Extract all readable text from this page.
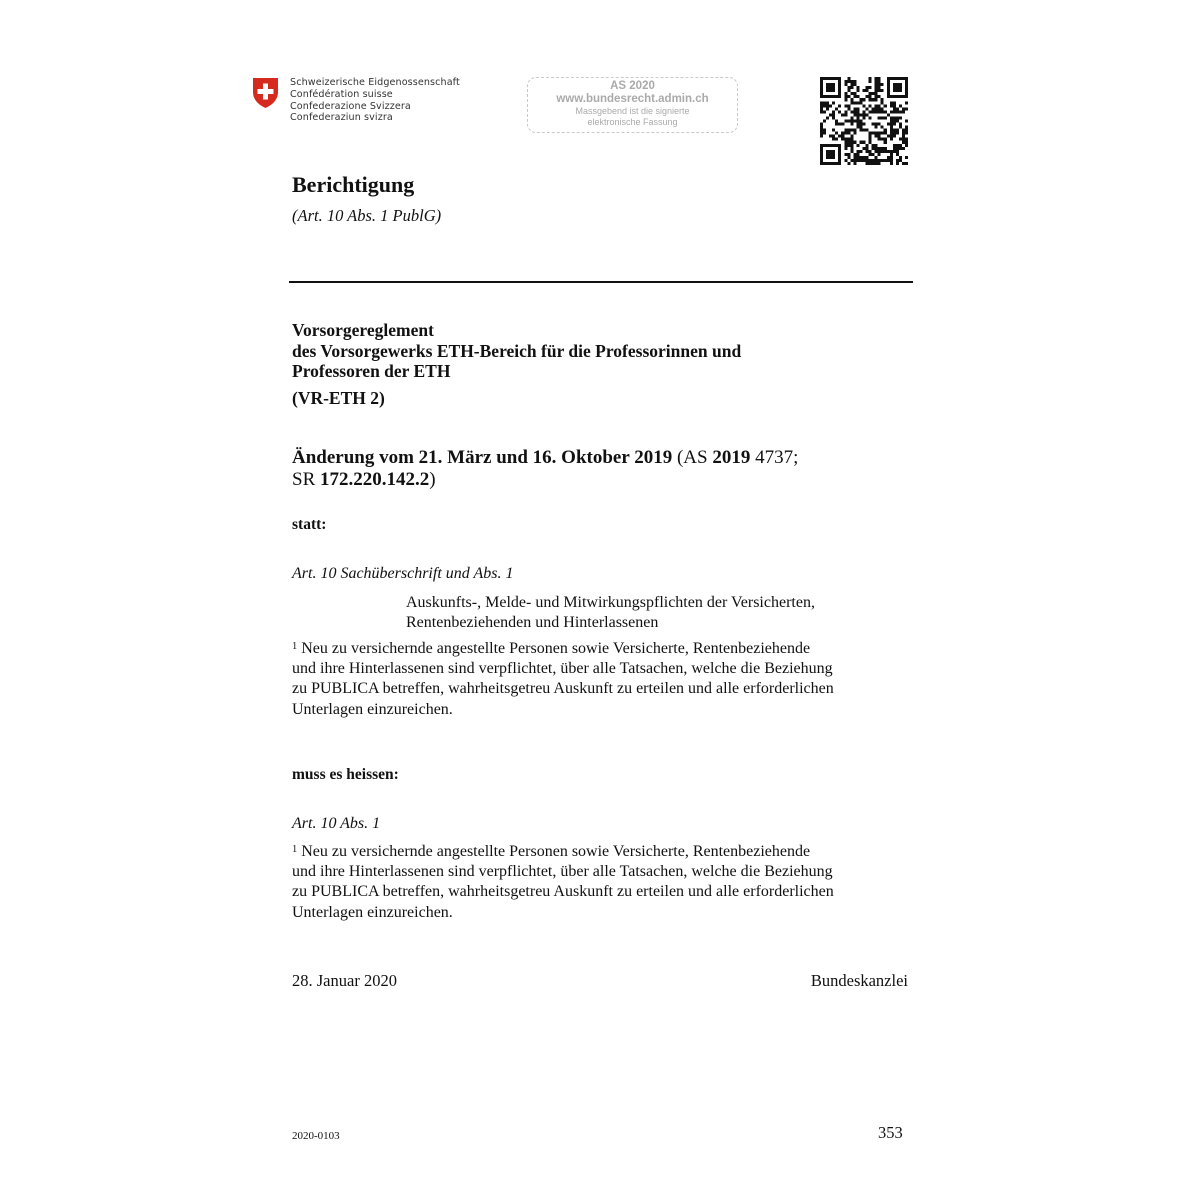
Schweizerische Eidgenossenschaft
Confédération suisse
Confederazione Svizzera
Confederaziun svizra
AS 2020
www.bundesrecht.admin.ch
Massgebend ist die signierte
elektronische Fassung
Berichtigung
(Art. 10 Abs. 1 PublG)
Vorsorgereglement
des Vorsorgewerks ETH-Bereich für die Professorinnen und
Professoren der ETH
(VR-ETH 2)
Änderung vom 21. März und 16. Oktober 2019 (AS 2019 4737;
SR 172.220.142.2)
statt:
Art. 10 Sachüberschrift und Abs. 1
Auskunfts-, Melde- und Mitwirkungspflichten der Versicherten,
Rentenbeziehenden und Hinterlassenen
$^1$ Neu zu versichernde angestellte Personen sowie Versicherte, Rentenbeziehende
und ihre Hinterlassenen sind verpflichtet, über alle Tatsachen, welche die Beziehung
zu PUBLICA betreffen, wahrheitsgetreu Auskunft zu erteilen und alle erforderlichen
Unterlagen einzureichen.
muss es heissen:
Art. 10 Abs. 1
$^1$ Neu zu versichernde angestellte Personen sowie Versicherte, Rentenbeziehende
und ihre Hinterlassenen sind verpflichtet, über alle Tatsachen, welche die Beziehung
zu PUBLICA betreffen, wahrheitsgetreu Auskunft zu erteilen und alle erforderlichen
Unterlagen einzureichen.
28. Januar 2020	Bundeskanzlei
2020-0103	353
